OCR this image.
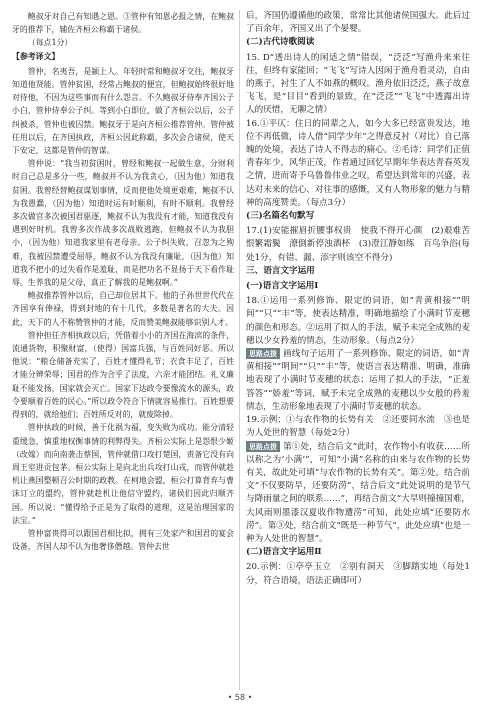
鲍叔牙对自己有知遇之恩。③管仲有知恩必报之情，在鲍叔牙的推荐下，辅佐齐桓公称霸于诸侯。

（每点1分）

【参考译文】

管仲，名夷吾，是颍上人。年轻时常和鲍叔牙交往，鲍叔牙知道他贤能。管仲贫困，经常占鲍叔的便宜，但鲍叔始终很好地对待他，不因为这些事而有什么怨言。不久鲍叔牙侍奉齐国公子小白，管仲侍奉公子纠。等到小白即位，做了齐桓公以后，公子纠被杀，管仲也被囚禁。鲍叔牙于是向齐桓公推荐管仲。管仲被任用以后，在齐国执政，齐桓公因此称霸，多次会合诸侯，使天下安定，这都是管仲的智谋。

管仲说：“我当初贫困时，曾经和鲍叔一起做生意，分财利时自己总是多分一些，鲍叔并不认为我贪心，（因为他）知道我贫困。我曾经替鲍叔谋划事情，反而使他处境更艰难，鲍叔不认为我愚蠢，（因为他）知道时运有时顺利，有时不顺利。我曾经多次做官多次被国君驱逐，鲍叔不认为我没有才能，知道我没有遇到好时机。我曾多次作战多次战败逃跑，但鲍叔不认为我胆小，（因为他）知道我家里有老母亲。公子纠失败，召忽为之殉难，我被囚禁遭受屈辱，鲍叔不认为我没有廉耻，（因为他）知道我不把小的过失看作是羞耻，而是把功名不显扬于天下看作耻辱。生养我的是父母，真正了解我的是鲍叔啊。”

鲍叔推荐管仲以后，自己却位居其下。他的子孙世世代代在齐国享有俸禄，得到封地的有十几代，多数是著名的大夫。因此，天下的人不称赞管仲的才能，反而赞美鲍叔能够识别人才。

管仲担任齐相执政以后，凭借着小小的齐国在海滨的条件，流通货物，积聚财富，（使得）国富兵强，与百姓同好恶。所以他说：“粮仓储备充实了，百姓才懂得礼节；衣食丰足了，百姓才能分辨荣辱；国君的作为合乎了法度，六亲才能团结。礼义廉耻不能发扬，国家就会灭亡。国家下达政令要像流水的源头，政令要顺着百姓的民心。”所以政令符合下情就容易推行。百姓想要得到的，就给他们；百姓所反对的，就废除掉。

管仲执政的时候，善于化祸为福，变失败为成功。能分清轻重缓急，慎重地权衡事情的利弊得失。齐桓公实际上是怨恨少姬（改嫁）而向南袭击蔡国，管仲就借口攻打楚国，责备它没有向周王室进贡包茅。桓公实际上是向北出兵攻打山戎，而管仲就趁机让燕国整顿召公时期的政教。在柯地会盟，桓公打算背弃与曹沫订立的盟约，管仲就趁机让他信守盟约，诸侯们因此归顺齐国。所以说：“懂得给予正是为了取得的道理，这是治理国家的法宝。”

管仲富贵得可以跟国君相比拟，拥有三处家产和国君的宴会设备，齐国人却不认为他奢侈僭越。管仲去世

后，齐国仍遵循他的政策，常常比其他诸侯国强大。此后过了百余年，齐国又出了个晏婴。

(二)古代诗歌阅读

15. D“透出诗人的闲适之情”错误，“泛泛”写渔舟来来往往，但终有家能回；“飞飞”写诗人因闲于渔舟看灵动，自由的燕子，衬生了人不如燕的概叹。渔舟依旧泛泛，燕子故意飞飞，是“目目”看到的景致，在“泛泛”“飞飞”中透露出诗人的厌惜，无聊之情）

16.①平仄：住日的同辈之人，如今大多已经富贵发达，地位不再低微，诗人借“同学少年”之得意反衬（对比）自己落魄的处境，表达了诗人不得志的痛心。②毛诗：同学们正值青春年少，风华正茂，作者通过回忆早期年华表达青春英发之情，进而寄予乌鲁鲁伟业之叹，希望达到常年的兴盛，表达对未来的信心、对往事的感慨，又有人物形象的魅力与精神的高度赞美。（每点3分）

(三)名篇名句默写

17.(1)安能摧眉折腰事权贵　使我不得开心颜　(2)艰难苦恨繁霜鬓　潦倒新停浊酒杯　(3)澄江静如练　百鸟争浴(每处1分，有错、漏、添字则该空不得分)

三、语言文字运用

(一)语言文字运用Ⅰ

18.①运用一系列修饰、限定的词语，如“青黄相接”“明间”“只”“丰”等，使表达精准，明确地描绘了小满时节麦穗的颜色和形态。②运用了拟人的手法，赋予未完全成熟的麦穗以少女矜羞的情态，生动形象。（每点2分）

思路点拨 画线句子运用了一系列修饰、限定的词语，如“青黄相接”“明间”“只”“丰”等，使语言表达精准、明确，准确地表现了小满时节麦穗的状态；运用了拟人的手法，“正羞答答”“娇羞”等词，赋予未完全成熟的麦穗以少女般的矜羞情态，生动形象地表现了小满时节麦穗的状态。

19.示例：①与农作物的长势有关　②还要同水流　③也是为人处世的智慧（每处2分）

思路点拨 第①处，结合后文“此时，农作物小有收获……所以称之为‘小满’”，可知“小满”名称的由来与农作物的长势有关，故此处可填“与农作物的长势有关”。第②处，结合前文“不仅要防旱，还要防涝”，结合后文“此处说明的是节气与降雨量之间的联系……”，再结合前文“大旱则撞撞国难，大风雨则墨漆汉夏收作物遭涝”可知，此处应填“还要防水涝”。第③处，结合前文“既是一种节气”，此处应填“也是一种为人处世的智慧”。

(二)语言文字运用Ⅱ

20.示例：①亭亭玉立　②别有洞天　③脚踏实地（每处1分，符合语境，语法正确即可）

• 58 •
